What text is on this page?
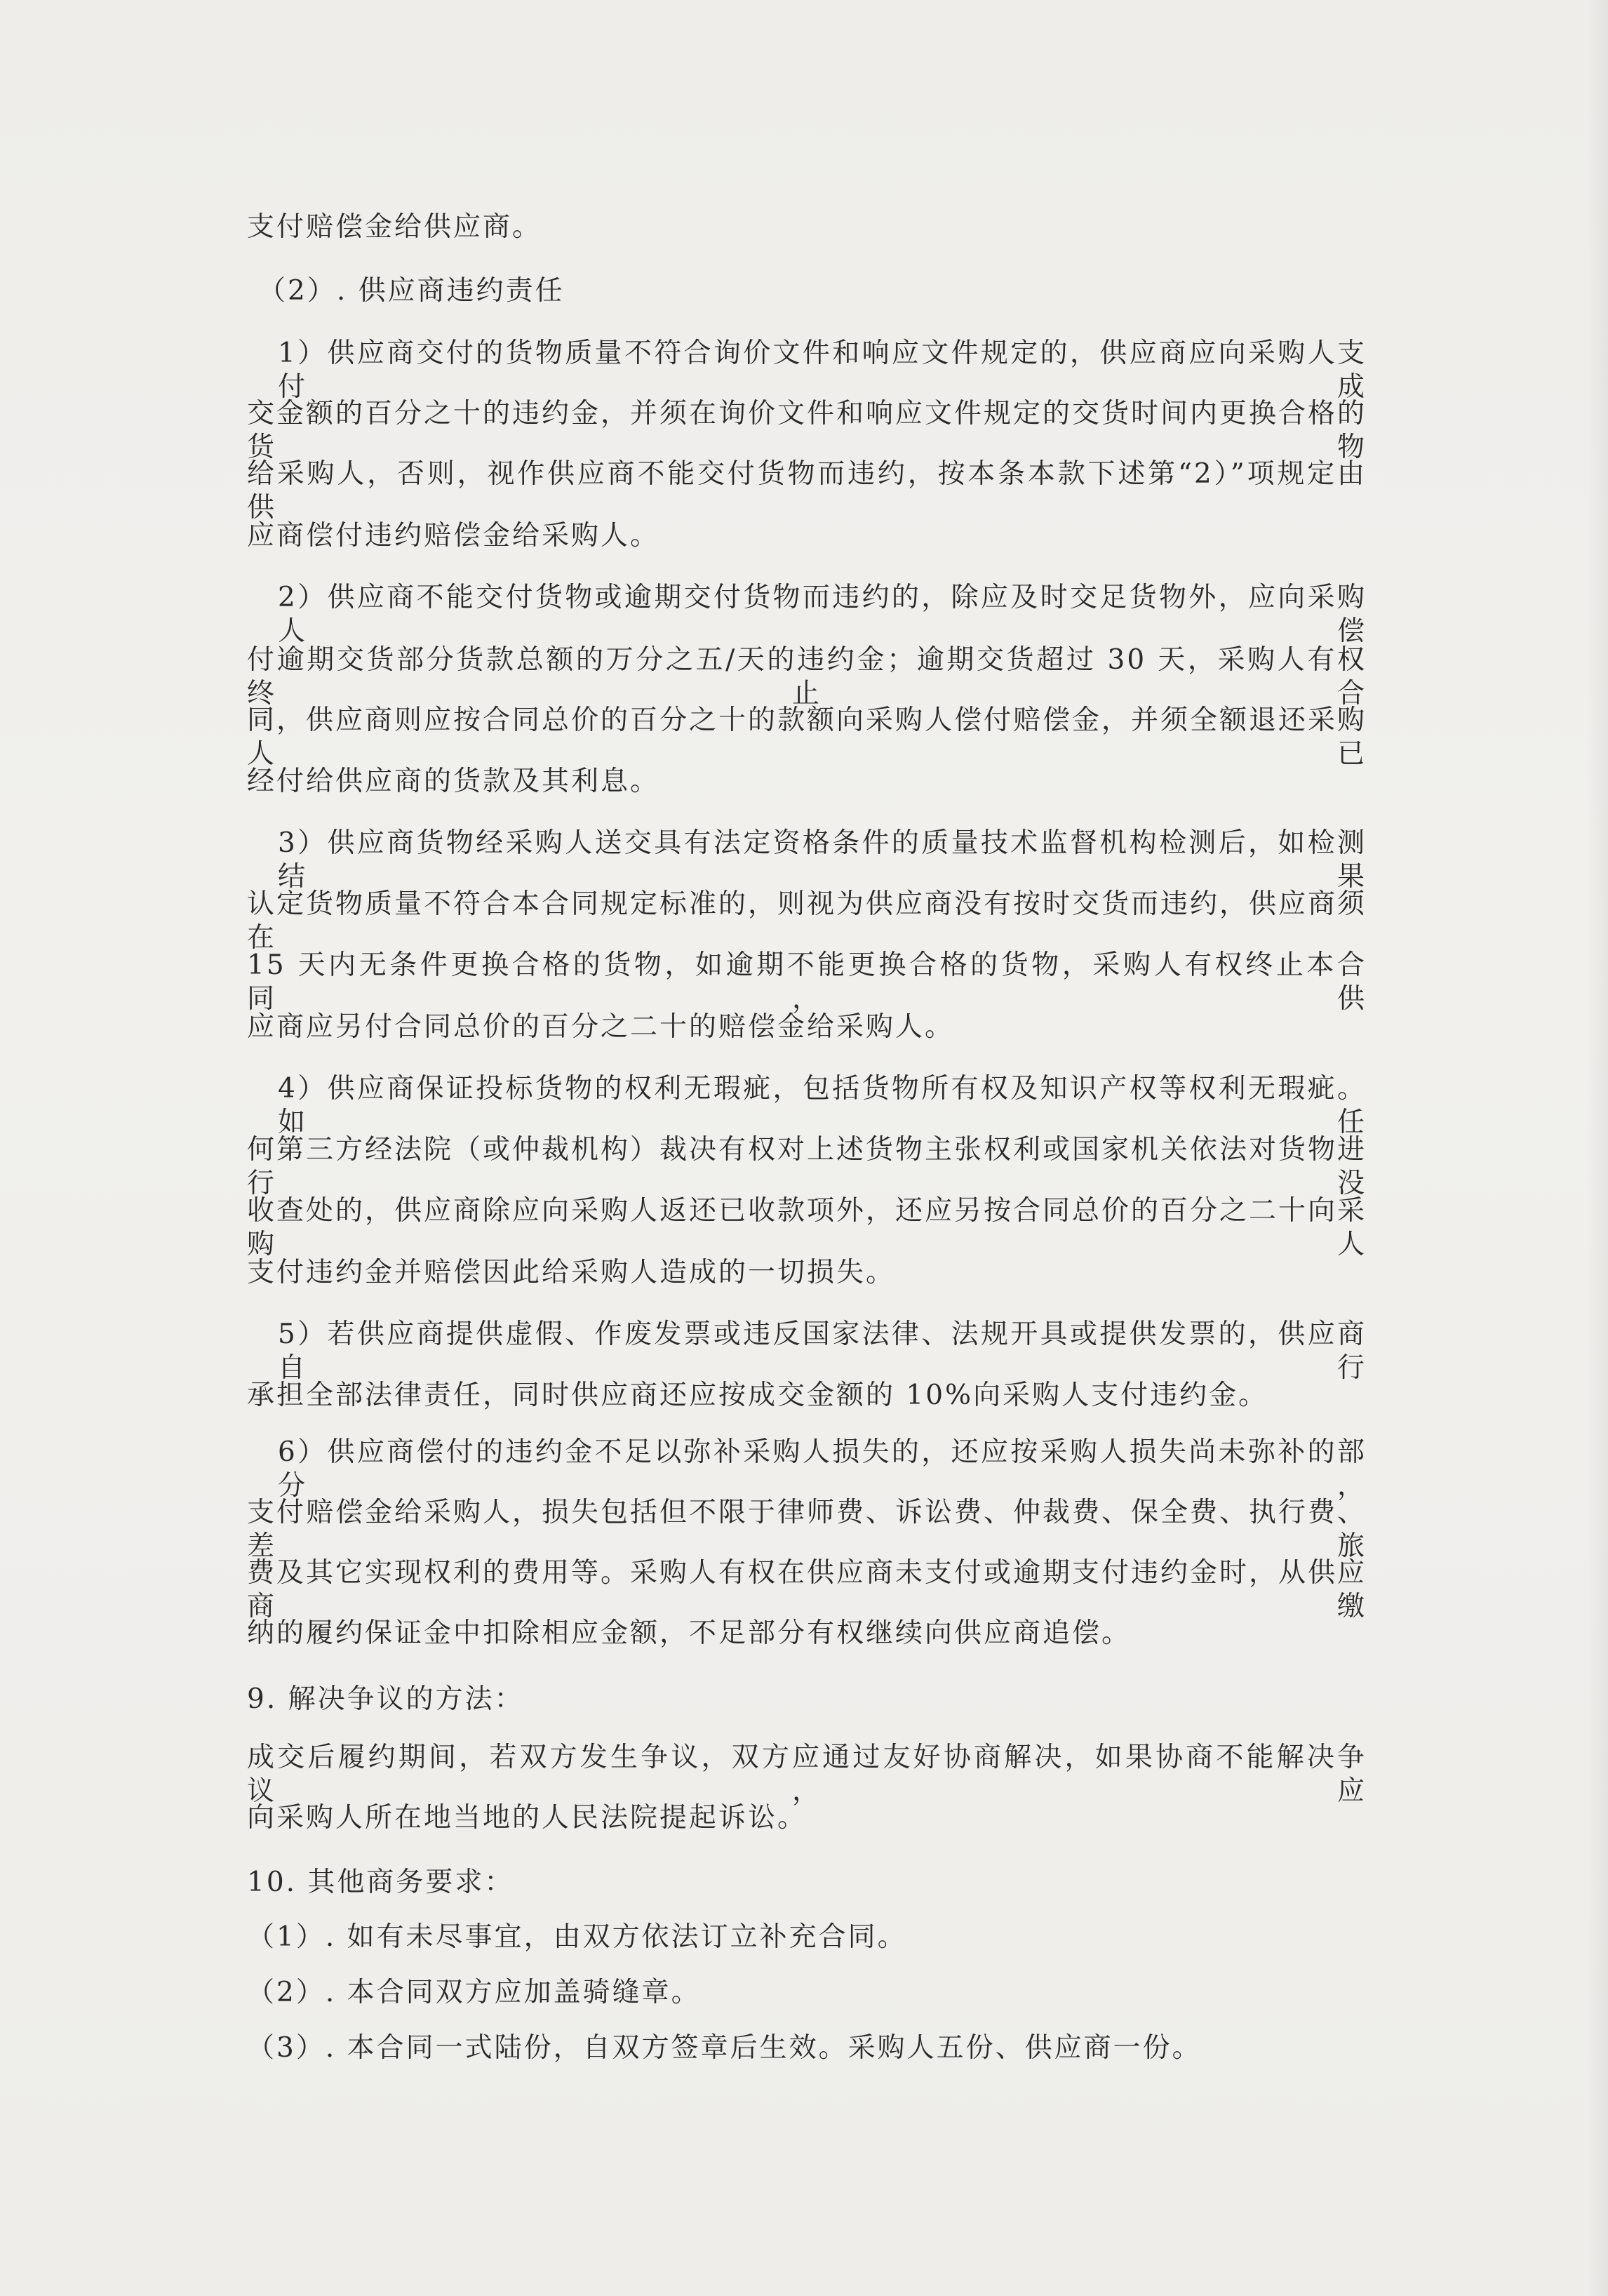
支付赔偿金给供应商。
（2）. 供应商违约责任
1）供应商交付的货物质量不符合询价文件和响应文件规定的，供应商应向采购人支付成
交金额的百分之十的违约金，并须在询价文件和响应文件规定的交货时间内更换合格的货物
给采购人，否则，视作供应商不能交付货物而违约，按本条本款下述第“2）”项规定由供
应商偿付违约赔偿金给采购人。
2）供应商不能交付货物或逾期交付货物而违约的，除应及时交足货物外，应向采购人偿
付逾期交货部分货款总额的万分之五/天的违约金；逾期交货超过 30 天，采购人有权终止合
同，供应商则应按合同总价的百分之十的款额向采购人偿付赔偿金，并须全额退还采购人已
经付给供应商的货款及其利息。
3）供应商货物经采购人送交具有法定资格条件的质量技术监督机构检测后，如检测结果
认定货物质量不符合本合同规定标准的，则视为供应商没有按时交货而违约，供应商须在
15 天内无条件更换合格的货物，如逾期不能更换合格的货物，采购人有权终止本合同，供
应商应另付合同总价的百分之二十的赔偿金给采购人。
4）供应商保证投标货物的权利无瑕疵，包括货物所有权及知识产权等权利无瑕疵。如任
何第三方经法院（或仲裁机构）裁决有权对上述货物主张权利或国家机关依法对货物进行没
收查处的，供应商除应向采购人返还已收款项外，还应另按合同总价的百分之二十向采购人
支付违约金并赔偿因此给采购人造成的一切损失。
5）若供应商提供虚假、作废发票或违反国家法律、法规开具或提供发票的，供应商自行
承担全部法律责任，同时供应商还应按成交金额的 10%向采购人支付违约金。
6）供应商偿付的违约金不足以弥补采购人损失的，还应按采购人损失尚未弥补的部分，
支付赔偿金给采购人，损失包括但不限于律师费、诉讼费、仲裁费、保全费、执行费、差旅
费及其它实现权利的费用等。采购人有权在供应商未支付或逾期支付违约金时，从供应商缴
纳的履约保证金中扣除相应金额，不足部分有权继续向供应商追偿。
9. 解决争议的方法：
成交后履约期间，若双方发生争议，双方应通过友好协商解决，如果协商不能解决争议，应
向采购人所在地当地的人民法院提起诉讼。
10. 其他商务要求：
（1）. 如有未尽事宜，由双方依法订立补充合同。
（2）. 本合同双方应加盖骑缝章。
（3）. 本合同一式陆份，自双方签章后生效。采购人五份、供应商一份。
